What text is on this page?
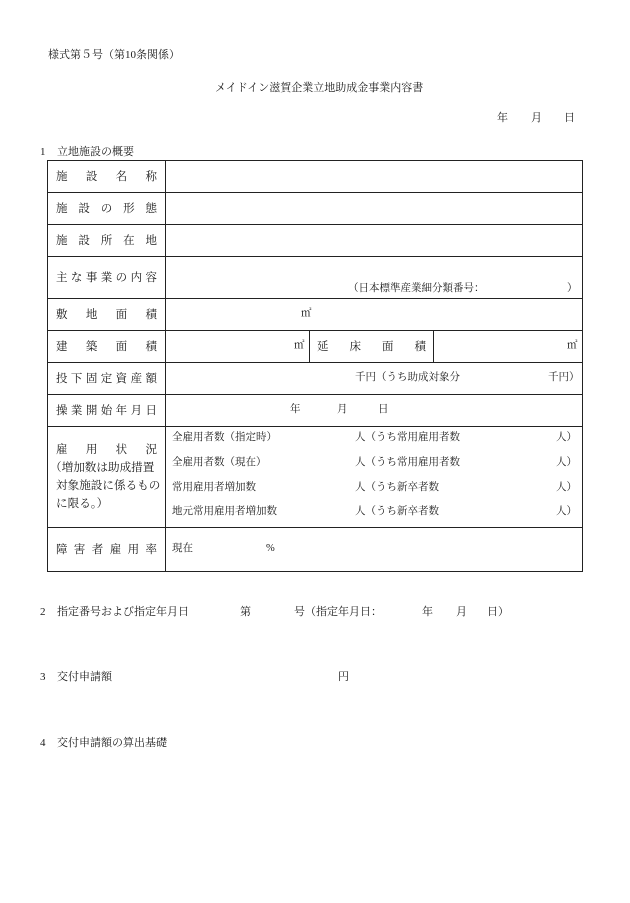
様式第５号（第10条関係）
メイドイン滋賀企業立地助成金事業内容書
年 月 日
1 立地施設の概要
施設名称
施設の形態
施設所在地
主な事業の内容
（日本標準産業細分類番号：	）
敷地面積	㎡
建築面積	㎡ 延床面積	㎡
投下固定資産額	千円（うち助成対象分	千円）
操業開始年月日	年	月	日
雇用状況
（増加数は助成措置
対象施設に係るもの
に限る。）
全雇用者数（指定時）	人（うち常用雇用者数	人）
全雇用者数（現在）	人（うち常用雇用者数	人）
常用雇用者増加数	人（うち新卒者数	人）
地元常用雇用者増加数	人（うち新卒者数	人）
障害者雇用率 現在	%
2 指定番号および指定年月日	第	号（指定年月日：	年 月 日）
3 交付申請額	円
4 交付申請額の算出基礎
